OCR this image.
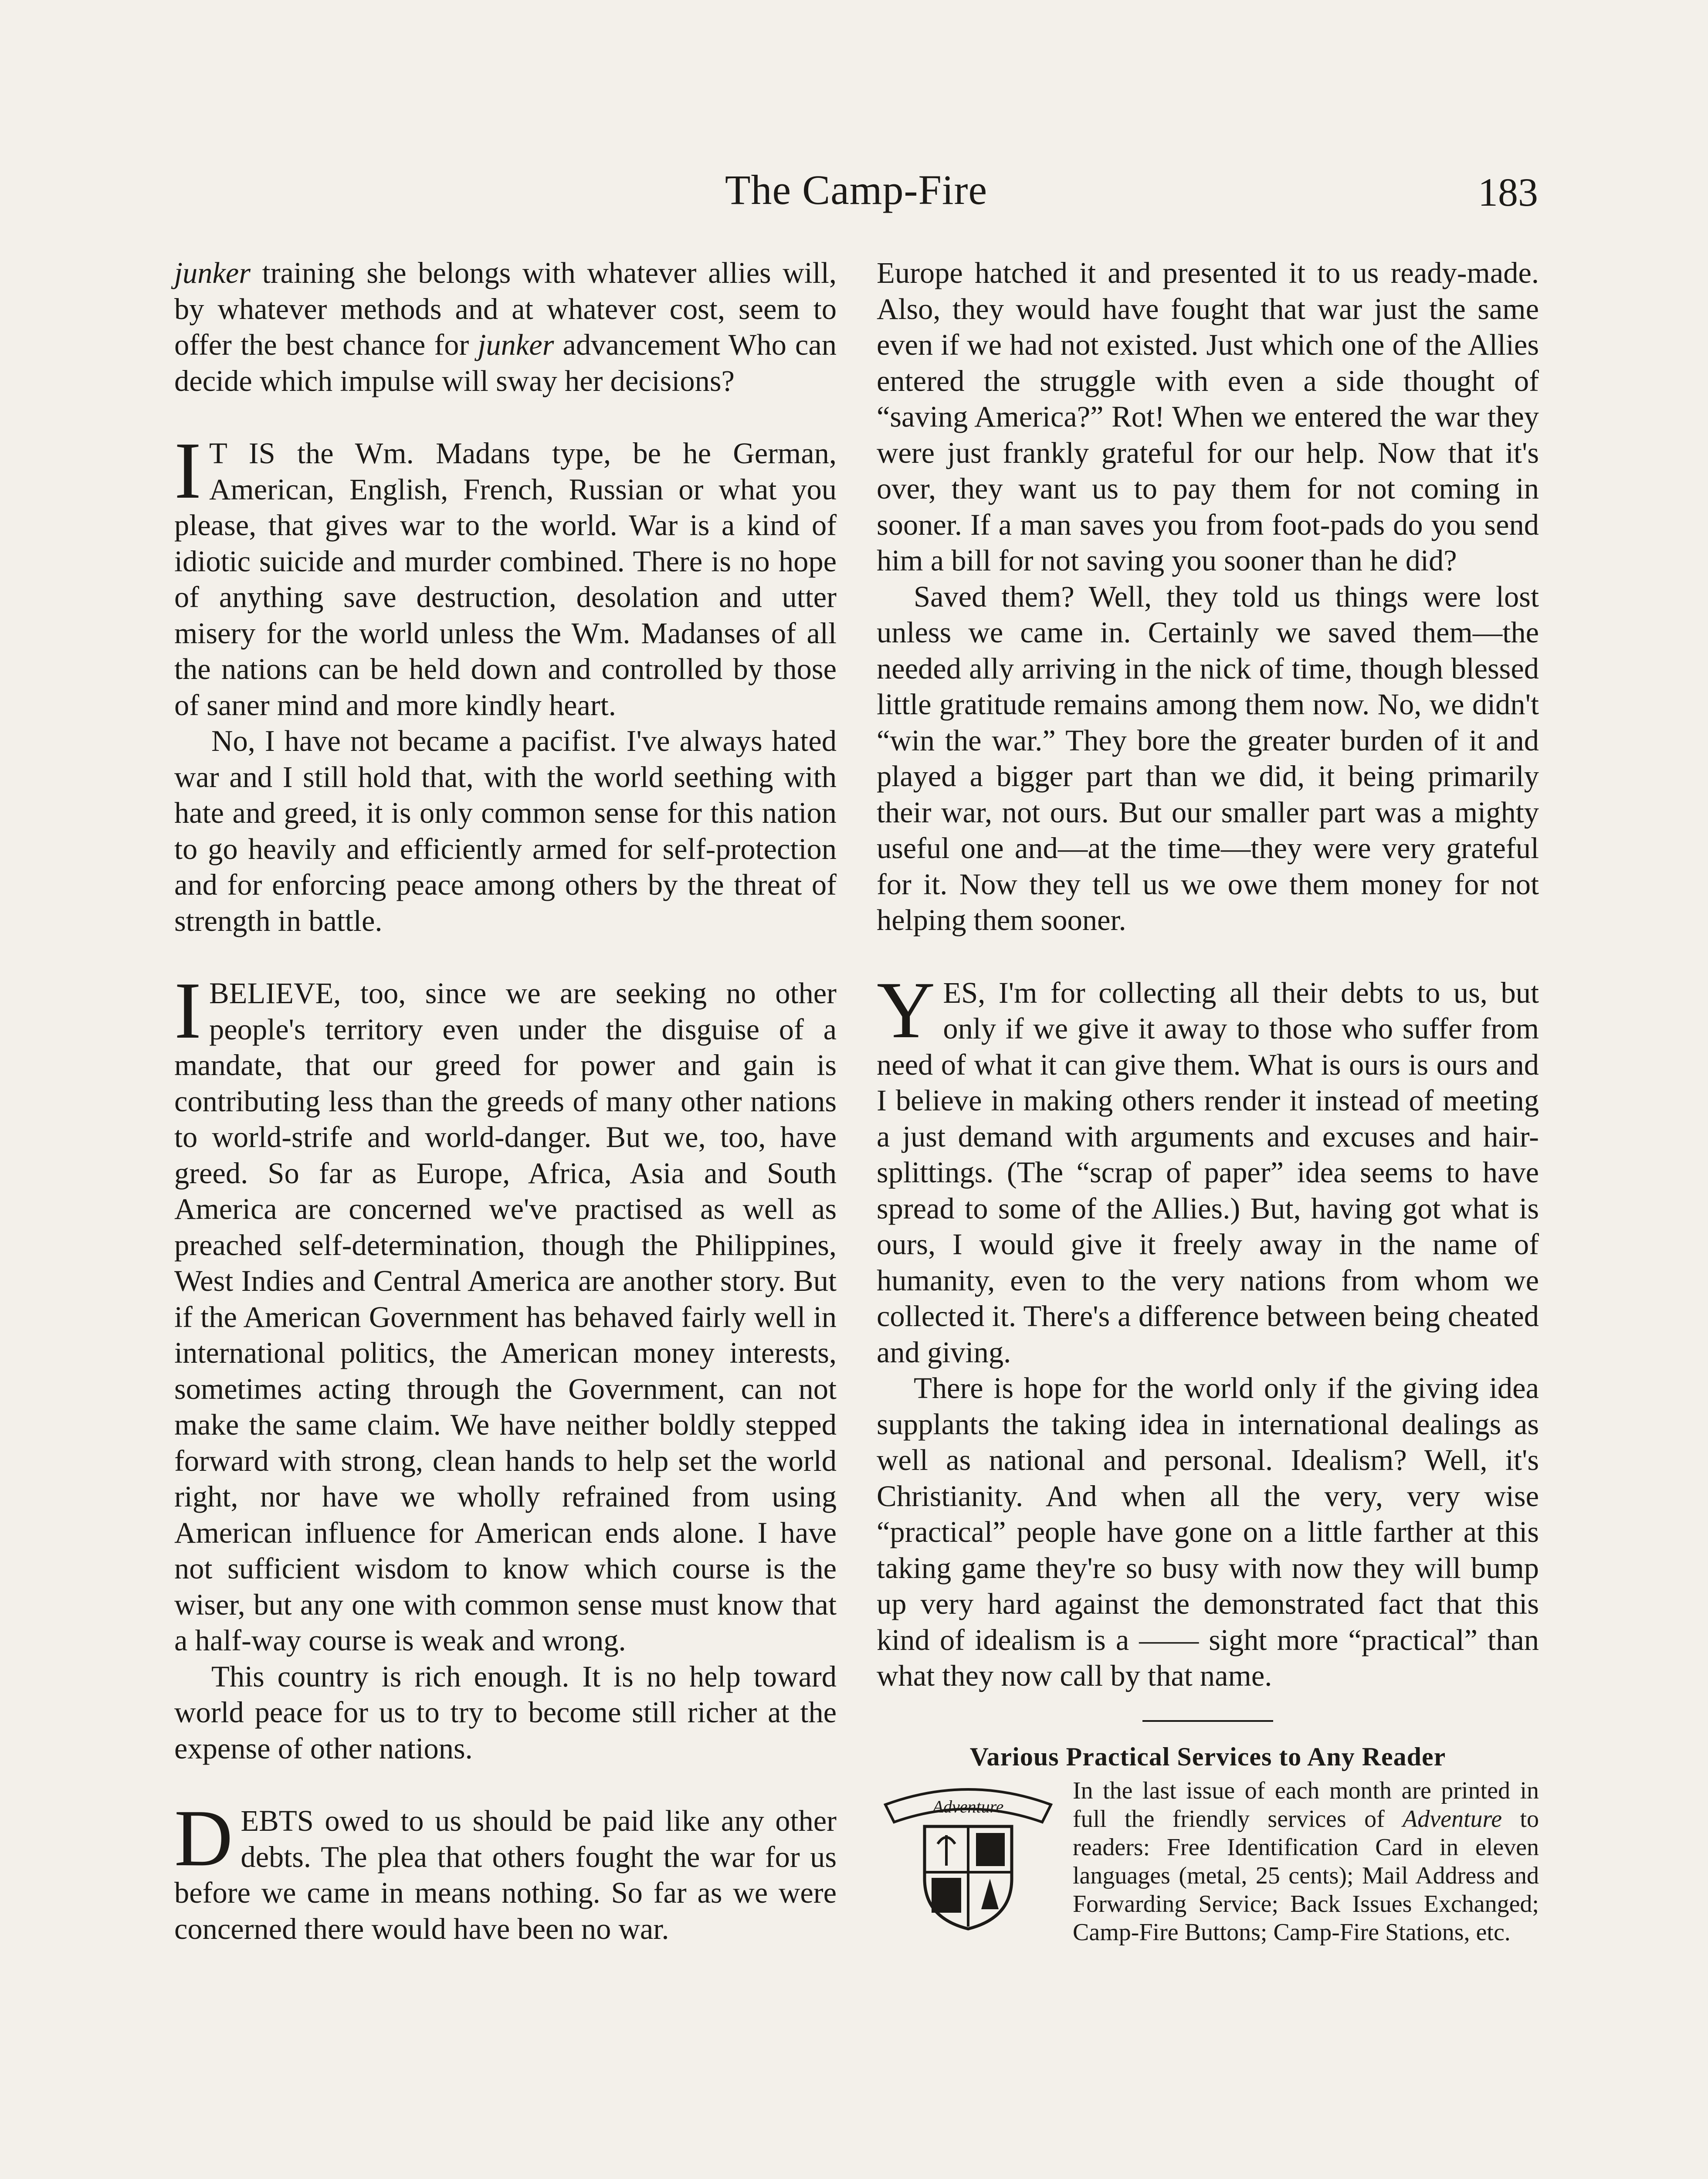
The Camp-Fire	183

junker training she belongs with whatever allies will, by whatever methods and at whatever cost, seem to offer the best chance for junker advancement Who can decide which impulse will sway her decisions?

I T IS the Wm. Madans type, be he German, American, English, French, Russian or what you please, that gives war to the world. War is a kind of idiotic suicide and murder combined. There is no hope of anything save destruction, desolation and utter misery for the world unless the Wm. Madanses of all the nations can be held down and controlled by those of saner mind and more kindly heart.

No, I have not became a pacifist. I've always hated war and I still hold that, with the world seething with hate and greed, it is only common sense for this nation to go heavily and efficiently armed for self-protection and for enforcing peace among others by the threat of strength in battle.

IBELIEVE, too, since we are seeking no other people's territory even under the disguise of a mandate, that our greed for power and gain is contributing less than the greeds of many other nations to world-strife and world-danger. But we, too, have greed. So far as Europe, Africa, Asia and South America are concerned we've practised as well as preached self-determination, though the Philippines, West Indies and Central America are another story. But if the American Government has behaved fairly well in international politics, the American money interests, sometimes acting through the Government, can not make the same claim. We have neither boldly stepped forward with strong, clean hands to help set the world right, nor have we wholly refrained from using American influence for American ends alone. I have not sufficient wisdom to know which course is the wiser, but any one with common sense must know that a half-way course is weak and wrong.

This country is rich enough. It is no help toward world peace for us to try to become still richer at the expense of other nations.

DEBTS owed to us should be paid like any other debts. The plea that others fought the war for us before we came in means nothing. So far as we were concerned there would have been no war.

Europe hatched it and presented it to us ready-made. Also, they would have fought that war just the same even if we had not existed. Just which one of the Allies entered the struggle with even a side thought of “saving America?” Rot! When we entered the war they were just frankly grateful for our help. Now that it's over, they want us to pay them for not coming in sooner. If a man saves you from foot-pads do you send him a bill for not saving you sooner than he did?

Saved them? Well, they told us things were lost unless we came in. Certainly we saved them—the needed ally arriving in the nick of time, though blessed little gratitude remains among them now. No, we didn't “win the war.” They bore the greater burden of it and played a bigger part than we did, it being primarily their war, not ours. But our smaller part was a mighty useful one and—at the time—they were very grateful for it. Now they tell us we owe them money for not helping them sooner.

YES, I'm for collecting all their debts to us, but only if we give it away to those who suffer from need of what it can give them. What is ours is ours and I believe in making others render it instead of meeting a just demand with arguments and excuses and hair-splittings. (The “scrap of paper” idea seems to have spread to some of the Allies.) But, having got what is ours, I would give it freely away in the name of humanity, even to the very nations from whom we collected it. There's a difference between being cheated and giving.

There is hope for the world only if the giving idea supplants the taking idea in international dealings as well as national and personal. Idealism? Well, it's Christianity. And when all the very, very wise “practical” people have gone on a little farther at this taking game they're so busy with now they will bump up very hard against the demonstrated fact that this kind of idealism is a —— sight more “practical” than what they now call by that name.

Various Practical Services to Any Reader
Adventure
In the last issue of each month are printed in full the friendly services of Adventure to readers: Free Identification Card in eleven languages (metal, 25 cents); Mail Address and Forwarding Service; Back Issues Exchanged; Camp-Fire Buttons; Camp-Fire Stations, etc.
